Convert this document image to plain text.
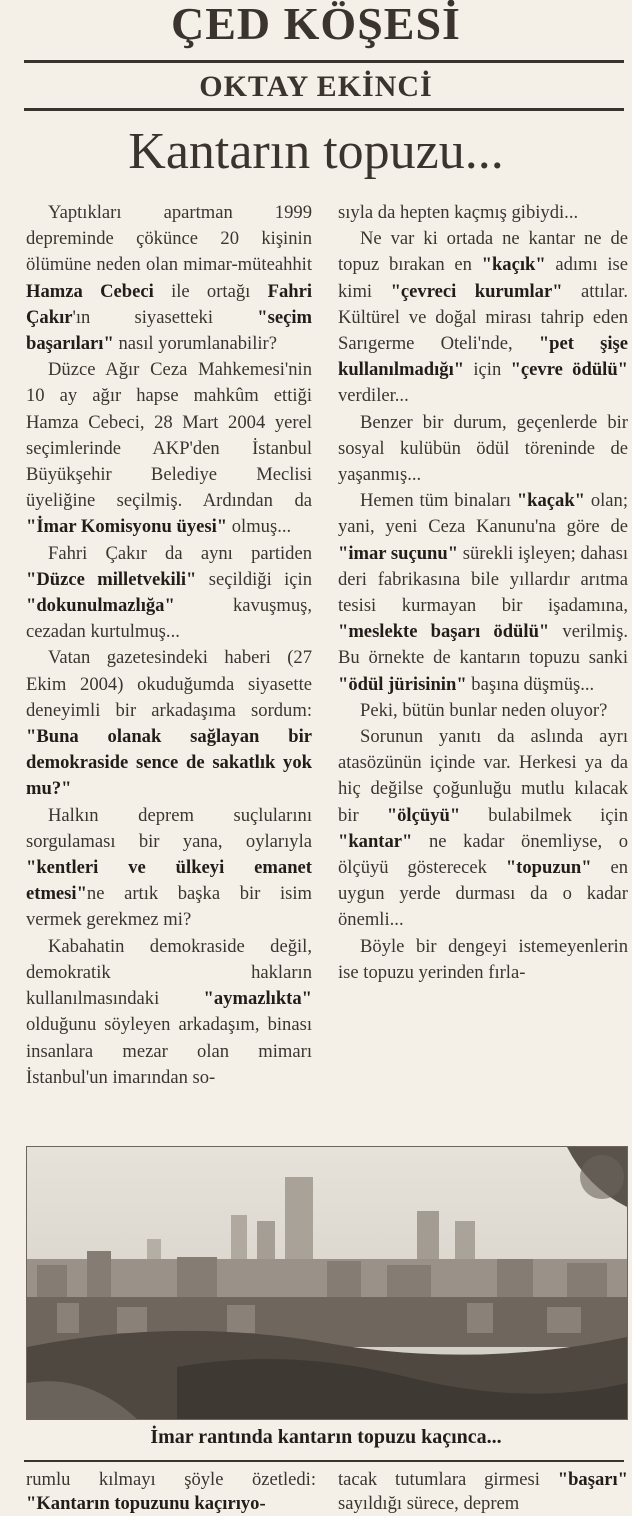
ÇED KÖŞESİ
OKTAY EKİNCİ
Kantarın topuzu...

Yaptıkları apartman 1999 depreminde çökünce 20 kişinin ölümüne neden olan mimar-müteahhit Hamza Cebeci ile ortağı Fahri Çakır'ın siyasetteki "seçim başarıları" nasıl yorumlanabilir?

Düzce Ağır Ceza Mahkemesi'nin 10 ay ağır hapse mahkûm ettiği Hamza Cebeci, 28 Mart 2004 yerel seçimlerinde AKP'den İstanbul Büyükşehir Belediye Meclisi üyeliğine seçilmiş. Ardından da "İmar Komisyonu üyesi" olmuş...

Fahri Çakır da aynı partiden "Düzce milletvekili" seçildiği için "dokunulmazlığa" kavuşmuş, cezadan kurtulmuş...

Vatan gazetesindeki haberi (27 Ekim 2004) okuduğumda siyasette deneyimli bir arkadaşıma sordum: "Buna olanak sağlayan bir demokraside sence de sakatlık yok mu?"

Halkın deprem suçlularını sorgulaması bir yana, oylarıyla "kentleri ve ülkeyi emanet etmesi"ne artık başka bir isim vermek gerekmez mi?

Kabahatin demokraside değil, demokratik hakların kullanılmasındaki "aymazlıkta" olduğunu söyleyen arkadaşım, binası insanlara mezar olan mimarı İstanbul'un imarından so-

sıyla da hepten kaçmış gibiydi...

Ne var ki ortada ne kantar ne de topuz bırakan en "kaçık" adımı ise kimi "çevreci kurumlar" attılar. Kültürel ve doğal mirası tahrip eden Sarıgerme Oteli'nde, "pet şişe kullanılmadığı" için "çevre ödülü" verdiler...

Benzer bir durum, geçenlerde bir sosyal kulübün ödül töreninde de yaşanmış...

Hemen tüm binaları "kaçak" olan; yani, yeni Ceza Kanunu'na göre de "imar suçunu" sürekli işleyen; dahası deri fabrikasına bile yıllardır arıtma tesisi kurmayan bir işadamına, "meslekte başarı ödülü" verilmiş. Bu örnekte de kantarın topuzu sanki "ödül jürisinin" başına düşmüş...

Peki, bütün bunlar neden oluyor?

Sorunun yanıtı da aslında ayrı atasözünün içinde var. Herkesi ya da hiç değilse çoğunluğu mutlu kılacak bir "ölçüyü" bulabilmek için "kantar" ne kadar önemliyse, o ölçüyü gösterecek "topuzun" en uygun yerde durması da o kadar önemli...

Böyle bir dengeyi istemeyenlerin ise topuzu yerinden fırla-

İmar rantında kantarın topuzu kaçınca...
rumlu kılmayı şöyle özetledi: "Kantarın topuzunu kaçırıyo-
tacak tutumlara girmesi "başarı" sayıldığı sürece, deprem
